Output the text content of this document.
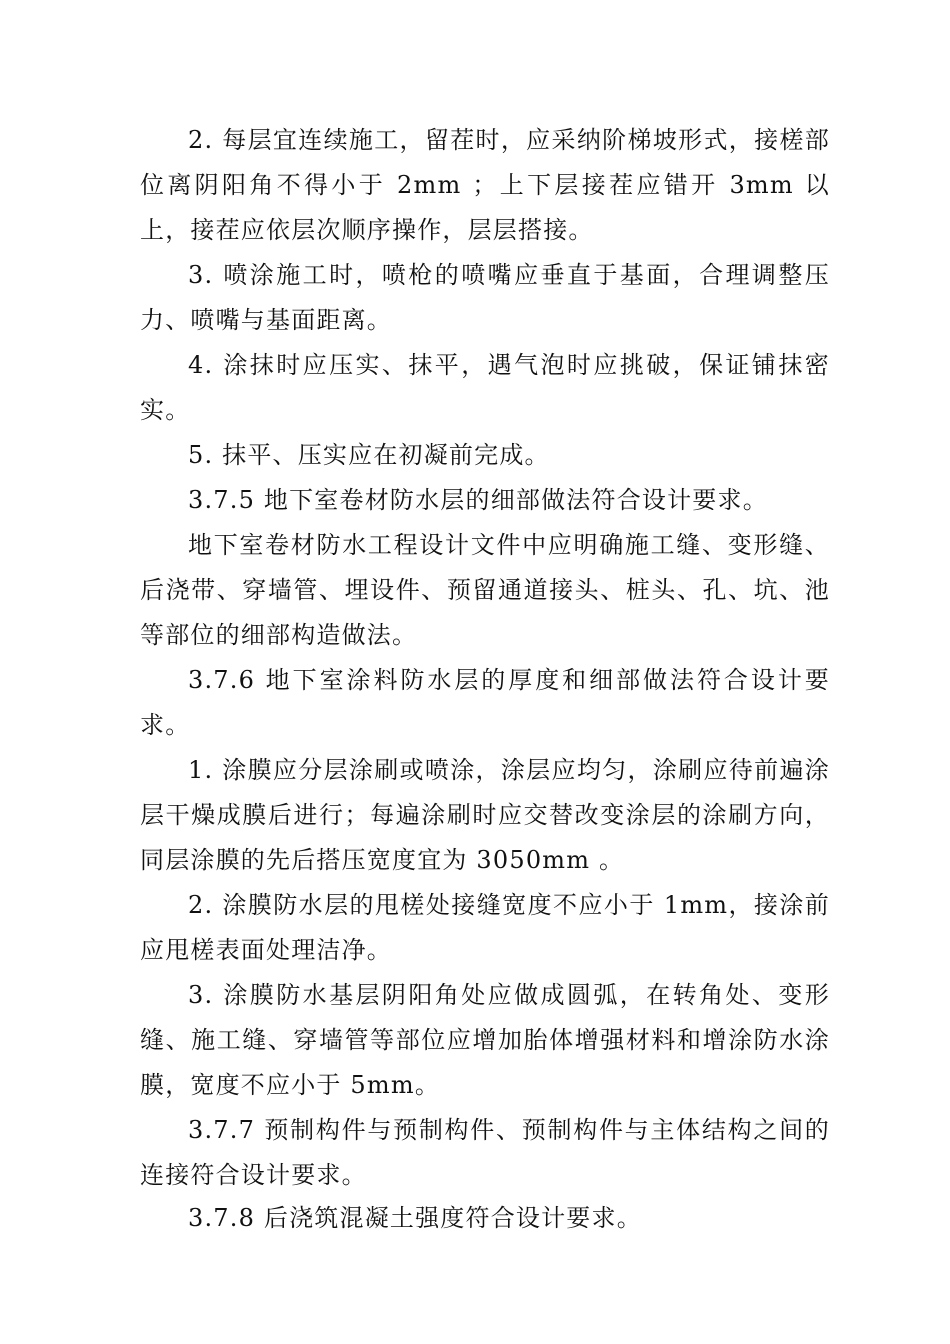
2. 每层宜连续施工，留茬时，应采纳阶梯坡形式，接槎部位离阴阳角不得小于 2mm ；上下层接茬应错开 3mm 以上，接茬应依层次顺序操作，层层搭接。

3. 喷涂施工时，喷枪的喷嘴应垂直于基面，合理调整压力、喷嘴与基面距离。

4. 涂抹时应压实、抹平，遇气泡时应挑破，保证铺抹密实。

5. 抹平、压实应在初凝前完成。

3.7.5 地下室卷材防水层的细部做法符合设计要求。

地下室卷材防水工程设计文件中应明确施工缝、变形缝、后浇带、穿墙管、埋设件、预留通道接头、桩头、孔、坑、池等部位的细部构造做法。

3.7.6 地下室涂料防水层的厚度和细部做法符合设计要求。

1. 涂膜应分层涂刷或喷涂，涂层应均匀，涂刷应待前遍涂层干燥成膜后进行；每遍涂刷时应交替改变涂层的涂刷方向，同层涂膜的先后搭压宽度宜为 3050mm 。

2. 涂膜防水层的甩槎处接缝宽度不应小于 1mm，接涂前应甩槎表面处理洁净。

3. 涂膜防水基层阴阳角处应做成圆弧，在转角处、变形缝、施工缝、穿墙管等部位应增加胎体增强材料和增涂防水涂膜，宽度不应小于 5mm。

3.7.7 预制构件与预制构件、预制构件与主体结构之间的连接符合设计要求。

3.7.8 后浇筑混凝土强度符合设计要求。
